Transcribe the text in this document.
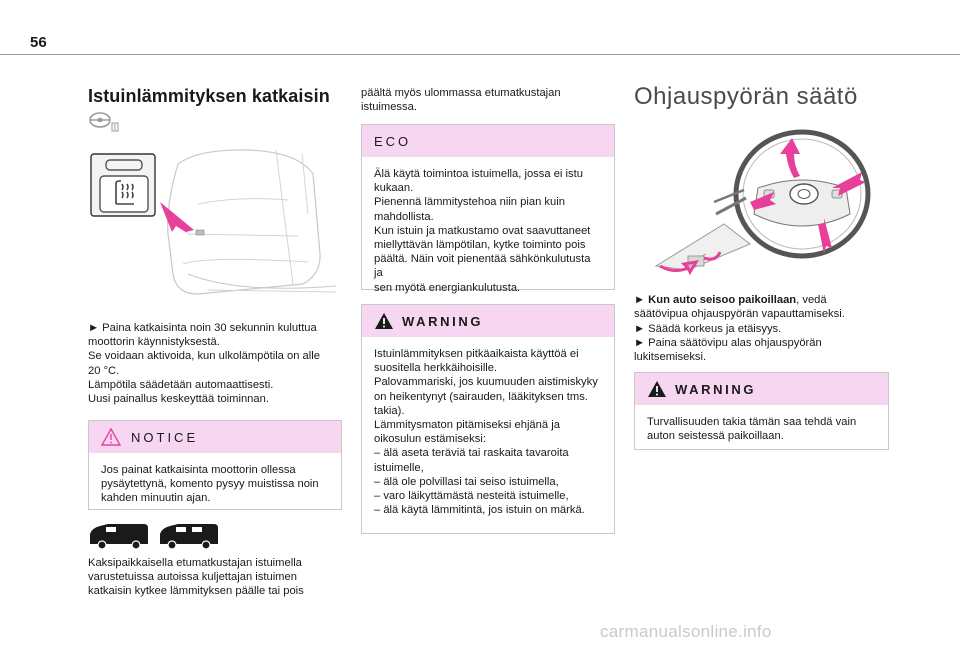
56
Istuinlämmityksen katkaisin
► Paina katkaisinta noin 30 sekunnin kuluttua
moottorin käynnistyksestä.
Se voidaan aktivoida, kun ulkolämpötila on alle
20 °C.
Lämpötila säädetään automaattisesti.
Uusi painallus keskeyttää toiminnan.
NOTICE
Jos painat katkaisinta moottorin ollessa
pysäytettynä, komento pysyy muistissa noin
kahden minuutin ajan.
Kaksipaikkaisella etumatkustajan istuimella
varustetuissa autoissa kuljettajan istuimen
katkaisin kytkee lämmityksen päälle tai pois
päältä myös ulommassa etumatkustajan
istuimessa.
ECO
Älä käytä toimintoa istuimella, jossa ei istu
kukaan.
Pienennä lämmitystehoa niin pian kuin
mahdollista.
Kun istuin ja matkustamo ovat saavuttaneet
miellyttävän lämpötilan, kytke toiminto pois
päältä. Näin voit pienentää sähkönkulutusta ja
sen myötä energiankulutusta.
WARNING
Istuinlämmityksen pitkäaikaista käyttöä ei
suositella herkkäihoisille.
Palovammariski, jos kuumuuden aistimiskyky
on heikentynyt (sairauden, lääkityksen tms.
takia).
Lämmitysmaton pitämiseksi ehjänä ja
oikosulun estämiseksi:
– älä aseta teräviä tai raskaita tavaroita
istuimelle,
– älä ole polvillasi tai seiso istuimella,
– varo läikyttämästä nesteitä istuimelle,
– älä käytä lämmitintä, jos istuin on märkä.
Ohjauspyörän säätö
► Kun auto seisoo paikoillaan, vedä
säätövipua ohjauspyörän vapauttamiseksi.
► Säädä korkeus ja etäisyys.
► Paina säätövipu alas ohjauspyörän
lukitsemiseksi.
WARNING
Turvallisuuden takia tämän saa tehdä vain
auton seistessä paikoillaan.
carmanualsonline.info
